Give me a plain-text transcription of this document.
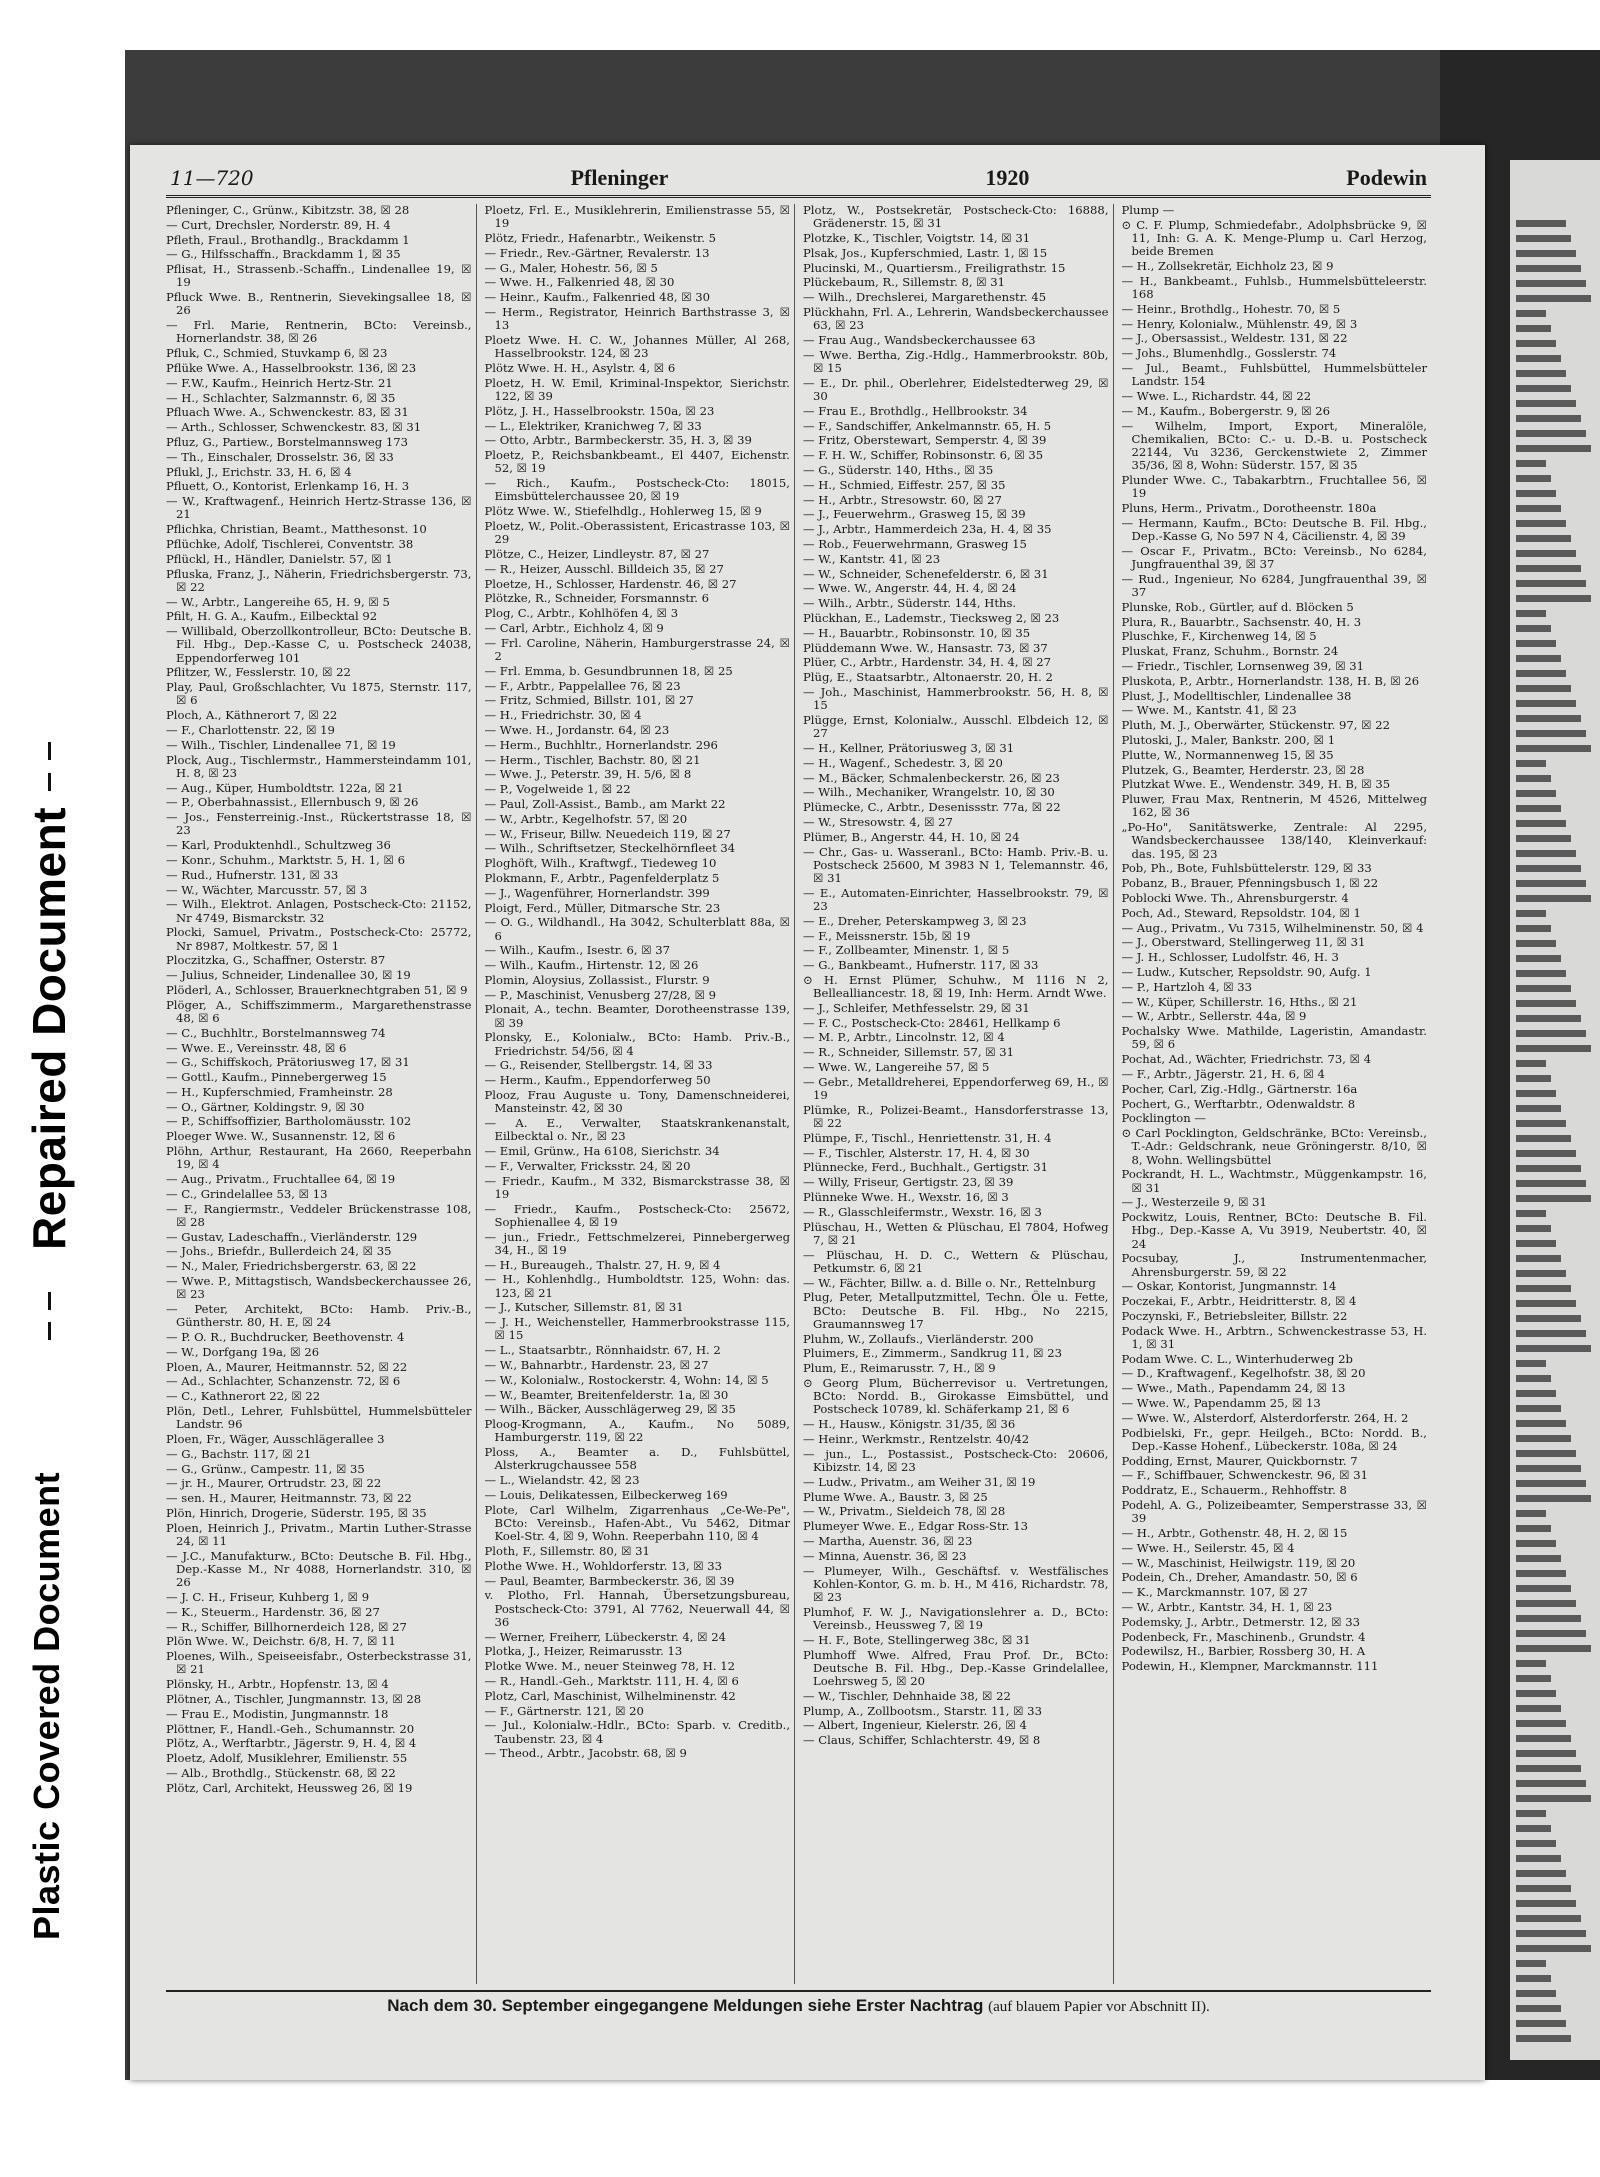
Repaired Document
Plastic Covered Document
11—720	Pfleninger	1920	Podewin

Pfleninger, C., Grünw., Kibitzstr. 38, ☒ 28

— Curt, Drechsler, Norderstr. 89, H. 4

Pfleth, Fraul., Brothandlg., Brackdamm 1

— G., Hilfsschaffn., Brackdamm 1, ☒ 35

Pflisat, H., Strassenb.-Schaffn., Lindenallee 19, ☒ 19

Pfluck Wwe. B., Rentnerin, Sievekingsallee 18, ☒ 26

— Frl. Marie, Rentnerin, BCto: Vereinsb., Hornerlandstr. 38, ☒ 26

Pfluk, C., Schmied, Stuvkamp 6, ☒ 23

Pflüke Wwe. A., Hasselbrookstr. 136, ☒ 23

— F.W., Kaufm., Heinrich Hertz-Str. 21

— H., Schlachter, Salzmannstr. 6, ☒ 35

Pfluach Wwe. A., Schwenckestr. 83, ☒ 31

— Arth., Schlosser, Schwenckestr. 83, ☒ 31

Pfluz, G., Partiew., Borstelmannsweg 173

— Th., Einschaler, Drosselstr. 36, ☒ 33

Pflukl, J., Erichstr. 33, H. 6, ☒ 4

Pfluett, O., Kontorist, Erlenkamp 16, H. 3

— W., Kraftwagenf., Heinrich Hertz-Strasse 136, ☒ 21

Pflichka, Christian, Beamt., Matthesonst. 10

Pflüchke, Adolf, Tischlerei, Conventstr. 38

Pflückl, H., Händler, Danielstr. 57, ☒ 1

Pfluska, Franz, J., Näherin, Friedrichsbergerstr. 73, ☒ 22

— W., Arbtr., Langereihe 65, H. 9, ☒ 5

Pfilt, H. G. A., Kaufm., Eilbecktal 92

— Willibald, Oberzollkontrolleur, BCto: Deutsche B. Fil. Hbg., Dep.-Kasse C, u. Postscheck 24038, Eppendorferweg 101

Pflitzer, W., Fesslerstr. 10, ☒ 22

Play, Paul, Großschlachter, Vu 1875, Sternstr. 117, ☒ 6

Ploch, A., Käthnerort 7, ☒ 22

— F., Charlottenstr. 22, ☒ 19

— Wilh., Tischler, Lindenallee 71, ☒ 19

Plock, Aug., Tischlermstr., Hammersteindamm 101, H. 8, ☒ 23

— Aug., Küper, Humboldtstr. 122a, ☒ 21

— P., Oberbahnassist., Ellernbusch 9, ☒ 26

— Jos., Fensterreinig.-Inst., Rückertstrasse 18, ☒ 23

— Karl, Produktenhdl., Schultzweg 36

— Konr., Schuhm., Marktstr. 5, H. 1, ☒ 6

— Rud., Hufnerstr. 131, ☒ 33

— W., Wächter, Marcusstr. 57, ☒ 3

— Wilh., Elektrot. Anlagen, Postscheck-Cto: 21152, Nr 4749, Bismarckstr. 32

Plocki, Samuel, Privatm., Postscheck-Cto: 25772, Nr 8987, Moltkestr. 57, ☒ 1

Ploczitzka, G., Schaffner, Osterstr. 87

— Julius, Schneider, Lindenallee 30, ☒ 19

Plöderl, A., Schlosser, Brauerknechtgraben 51, ☒ 9

Plöger, A., Schiffszimmerm., Margarethenstrasse 48, ☒ 6

— C., Buchhltr., Borstelmannsweg 74

— Wwe. E., Vereinsstr. 48, ☒ 6

— G., Schiffskoch, Prätoriusweg 17, ☒ 31

— Gottl., Kaufm., Pinnebergerweg 15

— H., Kupferschmied, Framheinstr. 28

— O., Gärtner, Koldingstr. 9, ☒ 30

— P., Schiffsoffizier, Bartholomäusstr. 102

Ploeger Wwe. W., Susannenstr. 12, ☒ 6

Plöhn, Arthur, Restaurant, Ha 2660, Reeperbahn 19, ☒ 4

— Aug., Privatm., Fruchtallee 64, ☒ 19

— C., Grindelallee 53, ☒ 13

— F., Rangiermstr., Veddeler Brückenstrasse 108, ☒ 28

— Gustav, Ladeschaffn., Vierländerstr. 129

— Johs., Briefdr., Bullerdeich 24, ☒ 35

— N., Maler, Friedrichsbergerstr. 63, ☒ 22

— Wwe. P., Mittagstisch, Wandsbeckerchaussee 26, ☒ 23

— Peter, Architekt, BCto: Hamb. Priv.-B., Güntherstr. 80, H. E, ☒ 24

— P. O. R., Buchdrucker, Beethovenstr. 4

— W., Dorfgang 19a, ☒ 26

Ploen, A., Maurer, Heitmannstr. 52, ☒ 22

— Ad., Schlachter, Schanzenstr. 72, ☒ 6

— C., Kathnerort 22, ☒ 22

Plön, Detl., Lehrer, Fuhlsbüttel, Hummelsbütteler Landstr. 96

Ploen, Fr., Wäger, Ausschlägerallee 3

— G., Bachstr. 117, ☒ 21

— G., Grünw., Campestr. 11, ☒ 35

— jr. H., Maurer, Ortrudstr. 23, ☒ 22

— sen. H., Maurer, Heitmannstr. 73, ☒ 22

Plön, Hinrich, Drogerie, Süderstr. 195, ☒ 35

Ploen, Heinrich J., Privatm., Martin Luther-Strasse 24, ☒ 11

— J.C., Manufakturw., BCto: Deutsche B. Fil. Hbg., Dep.-Kasse M., Nr 4088, Hornerlandstr. 310, ☒ 26

— J. C. H., Friseur, Kuhberg 1, ☒ 9

— K., Steuerm., Hardenstr. 36, ☒ 27

— R., Schiffer, Billhornerdeich 128, ☒ 27

Plön Wwe. W., Deichstr. 6/8, H. 7, ☒ 11

Ploenes, Wilh., Speiseeisfabr., Osterbeckstrasse 31, ☒ 21

Plönsky, H., Arbtr., Hopfenstr. 13, ☒ 4

Plötner, A., Tischler, Jungmannstr. 13, ☒ 28

— Frau E., Modistin, Jungmannstr. 18

Plöttner, F., Handl.-Geh., Schumannstr. 20

Plötz, A., Werftarbtr., Jägerstr. 9, H. 4, ☒ 4

Ploetz, Adolf, Musiklehrer, Emilienstr. 55

— Alb., Brothdlg., Stückenstr. 68, ☒ 22

Plötz, Carl, Architekt, Heussweg 26, ☒ 19

Ploetz, Frl. E., Musiklehrerin, Emilienstrasse 55, ☒ 19

Plötz, Friedr., Hafenarbtr., Weikenstr. 5

— Friedr., Rev.-Gärtner, Revalerstr. 13

— G., Maler, Hohestr. 56, ☒ 5

— Wwe. H., Falkenried 48, ☒ 30

— Heinr., Kaufm., Falkenried 48, ☒ 30

— Herm., Registrator, Heinrich Barthstrasse 3, ☒ 13

Ploetz Wwe. H. C. W., Johannes Müller, Al 268, Hasselbrookstr. 124, ☒ 23

Plötz Wwe. H. H., Asylstr. 4, ☒ 6

Ploetz, H. W. Emil, Kriminal-Inspektor, Sierichstr. 122, ☒ 39

Plötz, J. H., Hasselbrookstr. 150a, ☒ 23

— L., Elektriker, Kranichweg 7, ☒ 33

— Otto, Arbtr., Barmbeckerstr. 35, H. 3, ☒ 39

Ploetz, P., Reichsbankbeamt., El 4407, Eichenstr. 52, ☒ 19

— Rich., Kaufm., Postscheck-Cto: 18015, Eimsbüttelerchaussee 20, ☒ 19

Plötz Wwe. W., Stiefelhdlg., Hohlerweg 15, ☒ 9

Ploetz, W., Polit.-Oberassistent, Ericastrasse 103, ☒ 29

Plötze, C., Heizer, Lindleystr. 87, ☒ 27

— R., Heizer, Ausschl. Billdeich 35, ☒ 27

Ploetze, H., Schlosser, Hardenstr. 46, ☒ 27

Plötzke, R., Schneider, Forsmannstr. 6

Plog, C., Arbtr., Kohlhöfen 4, ☒ 3

— Carl, Arbtr., Eichholz 4, ☒ 9

— Frl. Caroline, Näherin, Hamburgerstrasse 24, ☒ 2

— Frl. Emma, b. Gesundbrunnen 18, ☒ 25

— F., Arbtr., Pappelallee 76, ☒ 23

— Fritz, Schmied, Billstr. 101, ☒ 27

— H., Friedrichstr. 30, ☒ 4

— Wwe. H., Jordanstr. 64, ☒ 23

— Herm., Buchhltr., Hornerlandstr. 296

— Herm., Tischler, Bachstr. 80, ☒ 21

— Wwe. J., Peterstr. 39, H. 5/6, ☒ 8

— P., Vogelweide 1, ☒ 22

— Paul, Zoll-Assist., Bamb., am Markt 22

— W., Arbtr., Kegelhofstr. 57, ☒ 20

— W., Friseur, Billw. Neuedeich 119, ☒ 27

— Wilh., Schriftsetzer, Steckelhörnfleet 34

Ploghöft, Wilh., Kraftwgf., Tiedeweg 10

Plokmann, F., Arbtr., Pagenfelderplatz 5

— J., Wagenführer, Hornerlandstr. 399

Ploigt, Ferd., Müller, Ditmarsche Str. 23

— O. G., Wildhandl., Ha 3042, Schulterblatt 88a, ☒ 6

— Wilh., Kaufm., Isestr. 6, ☒ 37

— Wilh., Kaufm., Hirtenstr. 12, ☒ 26

Plomin, Aloysius, Zollassist., Flurstr. 9

— P., Maschinist, Venusberg 27/28, ☒ 9

Plonait, A., techn. Beamter, Dorotheenstrasse 139, ☒ 39

Plonsky, E., Kolonialw., BCto: Hamb. Priv.-B., Friedrichstr. 54/56, ☒ 4

— G., Reisender, Stellbergstr. 14, ☒ 33

— Herm., Kaufm., Eppendorferweg 50

Plooz, Frau Auguste u. Tony, Damenschneiderei, Mansteinstr. 42, ☒ 30

— A. E., Verwalter, Staatskrankenanstalt, Eilbecktal o. Nr., ☒ 23

— Emil, Grünw., Ha 6108, Sierichstr. 34

— F., Verwalter, Fricksstr. 24, ☒ 20

— Friedr., Kaufm., M 332, Bismarckstrasse 38, ☒ 19

— Friedr., Kaufm., Postscheck-Cto: 25672, Sophienallee 4, ☒ 19

— jun., Friedr., Fettschmelzerei, Pinnebergerweg 34, H., ☒ 19

— H., Bureaugeh., Thalstr. 27, H. 9, ☒ 4

— H., Kohlenhdlg., Humboldtstr. 125, Wohn: das. 123, ☒ 21

— J., Kutscher, Sillemstr. 81, ☒ 31

— J. H., Weichensteller, Hammerbrookstrasse 115, ☒ 15

— L., Staatsarbtr., Rönnhaidstr. 67, H. 2

— W., Bahnarbtr., Hardenstr. 23, ☒ 27

— W., Kolonialw., Rostockerstr. 4, Wohn: 14, ☒ 5

— W., Beamter, Breitenfelderstr. 1a, ☒ 30

— Wilh., Bäcker, Ausschlägerweg 29, ☒ 35

Ploog-Krogmann, A., Kaufm., No 5089, Hamburgerstr. 119, ☒ 22

Ploss, A., Beamter a. D., Fuhlsbüttel, Alsterkrugchaussee 558

— L., Wielandstr. 42, ☒ 23

— Louis, Delikatessen, Eilbeckerweg 169

Plote, Carl Wilhelm, Zigarrenhaus „Ce-We-Pe", BCto: Vereinsb., Hafen-Abt., Vu 5462, Ditmar Koel-Str. 4, ☒ 9, Wohn. Reeperbahn 110, ☒ 4

Ploth, F., Sillemstr. 80, ☒ 31

Plothe Wwe. H., Wohldorferstr. 13, ☒ 33

— Paul, Beamter, Barmbeckerstr. 36, ☒ 39

v. Plotho, Frl. Hannah, Übersetzungsbureau, Postscheck-Cto: 3791, Al 7762, Neuerwall 44, ☒ 36

— Werner, Freiherr, Lübeckerstr. 4, ☒ 24

Plotka, J., Heizer, Reimarusstr. 13

Plotke Wwe. M., neuer Steinweg 78, H. 12

— R., Handl.-Geh., Marktstr. 111, H. 4, ☒ 6

Plotz, Carl, Maschinist, Wilhelminenstr. 42

— F., Gärtnerstr. 121, ☒ 20

— Jul., Kolonialw.-Hdlr., BCto: Sparb. v. Creditb., Taubenstr. 23, ☒ 4

— Theod., Arbtr., Jacobstr. 68, ☒ 9

Plotz, W., Postsekretär, Postscheck-Cto: 16888, Grädenerstr. 15, ☒ 31

Plotzke, K., Tischler, Voigtstr. 14, ☒ 31

Plsak, Jos., Kupferschmied, Lastr. 1, ☒ 15

Plucinski, M., Quartiersm., Freiligrathstr. 15

Plückebaum, R., Sillemstr. 8, ☒ 31

— Wilh., Drechslerei, Margarethenstr. 45

Plückhahn, Frl. A., Lehrerin, Wandsbeckerchaussee 63, ☒ 23

— Frau Aug., Wandsbeckerchaussee 63

— Wwe. Bertha, Zig.-Hdlg., Hammerbrookstr. 80b, ☒ 15

— E., Dr. phil., Oberlehrer, Eidelstedterweg 29, ☒ 30

— Frau E., Brothdlg., Hellbrookstr. 34

— F., Sandschiffer, Ankelmannstr. 65, H. 5

— Fritz, Oberstewart, Semperstr. 4, ☒ 39

— F. H. W., Schiffer, Robinsonstr. 6, ☒ 35

— G., Süderstr. 140, Hths., ☒ 35

— H., Schmied, Eiffestr. 257, ☒ 35

— H., Arbtr., Stresowstr. 60, ☒ 27

— J., Feuerwehrm., Grasweg 15, ☒ 39

— J., Arbtr., Hammerdeich 23a, H. 4, ☒ 35

— Rob., Feuerwehrmann, Grasweg 15

— W., Kantstr. 41, ☒ 23

— W., Schneider, Schenefelderstr. 6, ☒ 31

— Wwe. W., Angerstr. 44, H. 4, ☒ 24

— Wilh., Arbtr., Süderstr. 144, Hths.

Plückhan, E., Lademstr., Tiecksweg 2, ☒ 23

— H., Bauarbtr., Robinsonstr. 10, ☒ 35

Plüddemann Wwe. W., Hansastr. 73, ☒ 37

Plüer, C., Arbtr., Hardenstr. 34, H. 4, ☒ 27

Plüg, E., Staatsarbtr., Altonaerstr. 20, H. 2

— Joh., Maschinist, Hammerbrookstr. 56, H. 8, ☒ 15

Plügge, Ernst, Kolonialw., Ausschl. Elbdeich 12, ☒ 27

— H., Kellner, Prätoriusweg 3, ☒ 31

— H., Wagenf., Schedestr. 3, ☒ 20

— M., Bäcker, Schmalenbeckerstr. 26, ☒ 23

— Wilh., Mechaniker, Wrangelstr. 10, ☒ 30

Plümecke, C., Arbtr., Desenissstr. 77a, ☒ 22

— W., Stresowstr. 4, ☒ 27

Plümer, B., Angerstr. 44, H. 10, ☒ 24

— Chr., Gas- u. Wasseranl., BCto: Hamb. Priv.-B. u. Postscheck 25600, M 3983 N 1, Telemannstr. 46, ☒ 31

— E., Automaten-Einrichter, Hasselbrookstr. 79, ☒ 23

— E., Dreher, Peterskampweg 3, ☒ 23

— F., Meissnerstr. 15b, ☒ 19

— F., Zollbeamter, Minenstr. 1, ☒ 5

— G., Bankbeamt., Hufnerstr. 117, ☒ 33

⊙ H. Ernst Plümer, Schuhw., M 1116 N 2, Bellealliancestr. 18, ☒ 19, Inh: Herm. Arndt Wwe.

— J., Schleifer, Methfesselstr. 29, ☒ 31

— F. C., Postscheck-Cto: 28461, Hellkamp 6

— M. P., Arbtr., Lincolnstr. 12, ☒ 4

— R., Schneider, Sillemstr. 57, ☒ 31

— Wwe. W., Langereihe 57, ☒ 5

— Gebr., Metalldreherei, Eppendorferweg 69, H., ☒ 19

Plümke, R., Polizei-Beamt., Hansdorferstrasse 13, ☒ 22

Plümpe, F., Tischl., Henriettenstr. 31, H. 4

— F., Tischler, Alsterstr. 17, H. 4, ☒ 30

Plünnecke, Ferd., Buchhalt., Gertigstr. 31

— Willy, Friseur, Gertigstr. 23, ☒ 39

Plünneke Wwe. H., Wexstr. 16, ☒ 3

— R., Glasschleifermstr., Wexstr. 16, ☒ 3

Plüschau, H., Wetten & Plüschau, El 7804, Hofweg 7, ☒ 21

— Plüschau, H. D. C., Wettern & Plüschau, Petkumstr. 6, ☒ 21

— W., Fächter, Billw. a. d. Bille o. Nr., Rettelnburg

Plug, Peter, Metallputzmittel, Techn. Öle u. Fette, BCto: Deutsche B. Fil. Hbg., No 2215, Graumannsweg 17

Pluhm, W., Zollaufs., Vierländerstr. 200

Pluimers, E., Zimmerm., Sandkrug 11, ☒ 23

Plum, E., Reimarusstr. 7, H., ☒ 9

⊙ Georg Plum, Bücherrevisor u. Vertretungen, BCto: Nordd. B., Girokasse Eimsbüttel, und Postscheck 10789, kl. Schäferkamp 21, ☒ 6

— H., Hausw., Königstr. 31/35, ☒ 36

— Heinr., Werkmstr., Rentzelstr. 40/42

— jun., L., Postassist., Postscheck-Cto: 20606, Kibizstr. 14, ☒ 23

— Ludw., Privatm., am Weiher 31, ☒ 19

Plume Wwe. A., Baustr. 3, ☒ 25

— W., Privatm., Sieldeich 78, ☒ 28

Plumeyer Wwe. E., Edgar Ross-Str. 13

— Martha, Auenstr. 36, ☒ 23

— Minna, Auenstr. 36, ☒ 23

— Plumeyer, Wilh., Geschäftsf. v. Westfälisches Kohlen-Kontor, G. m. b. H., M 416, Richardstr. 78, ☒ 23

Plumhof, F. W. J., Navigationslehrer a. D., BCto: Vereinsb., Heussweg 7, ☒ 19

— H. F., Bote, Stellingerweg 38c, ☒ 31

Plumhoff Wwe. Alfred, Frau Prof. Dr., BCto: Deutsche B. Fil. Hbg., Dep.-Kasse Grindelallee, Loehrsweg 5, ☒ 20

— W., Tischler, Dehnhaide 38, ☒ 22

Plump, A., Zollbootsm., Starstr. 11, ☒ 33

— Albert, Ingenieur, Kielerstr. 26, ☒ 4

— Claus, Schiffer, Schlachterstr. 49, ☒ 8

Plump —

⊙ C. F. Plump, Schmiedefabr., Adolphsbrücke 9, ☒ 11, Inh: G. A. K. Menge-Plump u. Carl Herzog, beide Bremen

— H., Zollsekretär, Eichholz 23, ☒ 9

— H., Bankbeamt., Fuhlsb., Hummelsbütteleerstr. 168

— Heinr., Brothdlg., Hohestr. 70, ☒ 5

— Henry, Kolonialw., Mühlenstr. 49, ☒ 3

— J., Obersassist., Weldestr. 131, ☒ 22

— Johs., Blumenhdlg., Gosslerstr. 74

— Jul., Beamt., Fuhlsbüttel, Hummelsbütteler Landstr. 154

— Wwe. L., Richardstr. 44, ☒ 22

— M., Kaufm., Bobergerstr. 9, ☒ 26

— Wilhelm, Import, Export, Mineralöle, Chemikalien, BCto: C.- u. D.-B. u. Postscheck 22144, Vu 3236, Gerckenstwiete 2, Zimmer 35/36, ☒ 8, Wohn: Süderstr. 157, ☒ 35

Plunder Wwe. C., Tabakarbtrn., Fruchtallee 56, ☒ 19

Pluns, Herm., Privatm., Dorotheenstr. 180a

— Hermann, Kaufm., BCto: Deutsche B. Fil. Hbg., Dep.-Kasse G, No 597 N 4, Cäcilienstr. 4, ☒ 39

— Oscar F., Privatm., BCto: Vereinsb., No 6284, Jungfrauenthal 39, ☒ 37

— Rud., Ingenieur, No 6284, Jungfrauenthal 39, ☒ 37

Plunske, Rob., Gürtler, auf d. Blöcken 5

Plura, R., Bauarbtr., Sachsenstr. 40, H. 3

Pluschke, F., Kirchenweg 14, ☒ 5

Pluskat, Franz, Schuhm., Bornstr. 24

— Friedr., Tischler, Lornsenweg 39, ☒ 31

Pluskota, P., Arbtr., Hornerlandstr. 138, H. B, ☒ 26

Plust, J., Modelltischler, Lindenallee 38

— Wwe. M., Kantstr. 41, ☒ 23

Pluth, M. J., Oberwärter, Stückenstr. 97, ☒ 22

Plutoski, J., Maler, Bankstr. 200, ☒ 1

Plutte, W., Normannenweg 15, ☒ 35

Plutzek, G., Beamter, Herderstr. 23, ☒ 28

Plutzkat Wwe. E., Wendenstr. 349, H. B, ☒ 35

Pluwer, Frau Max, Rentnerin, M 4526, Mittelweg 162, ☒ 36

„Po-Ho", Sanitätswerke, Zentrale: Al 2295, Wandsbeckerchaussee 138/140, Kleinverkauf: das. 195, ☒ 23

Pob, Ph., Bote, Fuhlsbüttelerstr. 129, ☒ 33

Pobanz, B., Brauer, Pfenningsbusch 1, ☒ 22

Poblocki Wwe. Th., Ahrensburgerstr. 4

Poch, Ad., Steward, Repsoldstr. 104, ☒ 1

— Aug., Privatm., Vu 7315, Wilhelminenstr. 50, ☒ 4

— J., Oberstward, Stellingerweg 11, ☒ 31

— J. H., Schlosser, Ludolfstr. 46, H. 3

— Ludw., Kutscher, Repsoldstr. 90, Aufg. 1

— P., Hartzloh 4, ☒ 33

— W., Küper, Schillerstr. 16, Hths., ☒ 21

— W., Arbtr., Sellerstr. 44a, ☒ 9

Pochalsky Wwe. Mathilde, Lageristin, Amandastr. 59, ☒ 6

Pochat, Ad., Wächter, Friedrichstr. 73, ☒ 4

— F., Arbtr., Jägerstr. 21, H. 6, ☒ 4

Pocher, Carl, Zig.-Hdlg., Gärtnerstr. 16a

Pochert, G., Werftarbtr., Odenwaldstr. 8

Pocklington —

⊙ Carl Pocklington, Geldschränke, BCto: Vereinsb., T.-Adr.: Geldschrank, neue Gröningerstr. 8/10, ☒ 8, Wohn. Wellingsbüttel

Pockrandt, H. L., Wachtmstr., Müggenkampstr. 16, ☒ 31

— J., Westerzeile 9, ☒ 31

Pockwitz, Louis, Rentner, BCto: Deutsche B. Fil. Hbg., Dep.-Kasse A, Vu 3919, Neubertstr. 40, ☒ 24

Pocsubay, J., Instrumentenmacher, Ahrensburgerstr. 59, ☒ 22

— Oskar, Kontorist, Jungmannstr. 14

Poczekai, F., Arbtr., Heidritterstr. 8, ☒ 4

Poczynski, F., Betriebsleiter, Billstr. 22

Podack Wwe. H., Arbtrn., Schwenckestrasse 53, H. 1, ☒ 31

Podam Wwe. C. L., Winterhuderweg 2b

— D., Kraftwagenf., Kegelhofstr. 38, ☒ 20

— Wwe., Math., Papendamm 24, ☒ 13

— Wwe. W., Papendamm 25, ☒ 13

— Wwe. W., Alsterdorf, Alsterdorferstr. 264, H. 2

Podbielski, Fr., gepr. Heilgeh., BCto: Nordd. B., Dep.-Kasse Hohenf., Lübeckerstr. 108a, ☒ 24

Podding, Ernst, Maurer, Quickbornstr. 7

— F., Schiffbauer, Schwenckestr. 96, ☒ 31

Poddratz, E., Schauerm., Rehhoffstr. 8

Podehl, A. G., Polizeibeamter, Semperstrasse 33, ☒ 39

— H., Arbtr., Gothenstr. 48, H. 2, ☒ 15

— Wwe. H., Seilerstr. 45, ☒ 4

— W., Maschinist, Heilwigstr. 119, ☒ 20

Podein, Ch., Dreher, Amandastr. 50, ☒ 6

— K., Marckmannstr. 107, ☒ 27

— W., Arbtr., Kantstr. 34, H. 1, ☒ 23

Podemsky, J., Arbtr., Detmerstr. 12, ☒ 33

Podenbeck, Fr., Maschinenb., Grundstr. 4

Podewilsz, H., Barbier, Rossberg 30, H. A

Podewin, H., Klempner, Marckmannstr. 111

Nach dem 30. September eingegangene Meldungen siehe Erster Nachtrag (auf blauem Papier vor Abschnitt II).
